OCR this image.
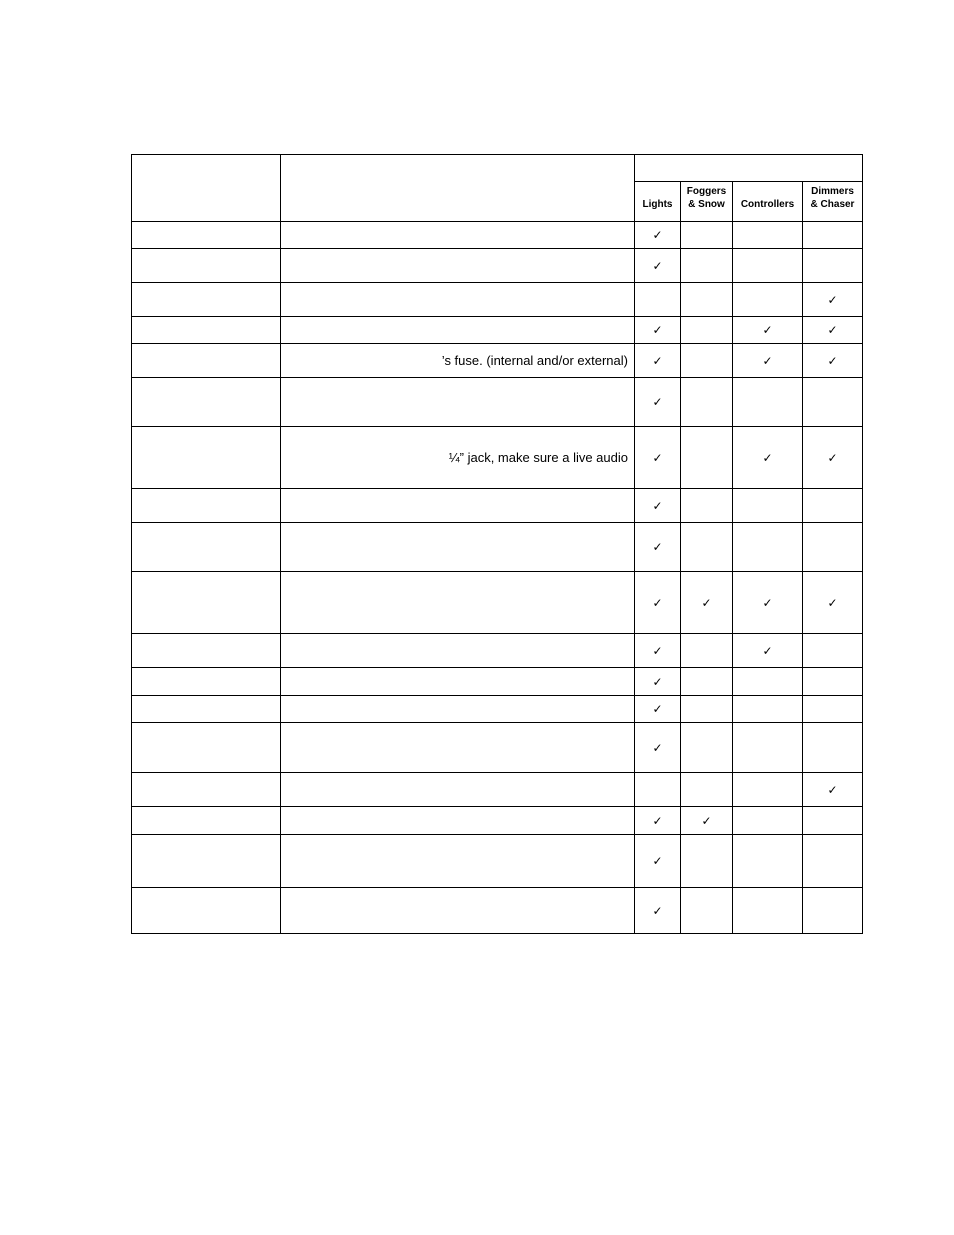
		Lights	Foggers & Snow	Controllers	Dimmers & Chaser
		✓			
		✓			
					✓
		✓		✓	✓
	’s fuse. (internal and/or external)	✓		✓	✓
		✓			
	¼” jack, make sure a live audio	✓		✓	✓
		✓			
		✓			
		✓	✓	✓	✓
		✓		✓	
		✓			
		✓			
		✓			
					✓
		✓	✓		
		✓			
		✓			
